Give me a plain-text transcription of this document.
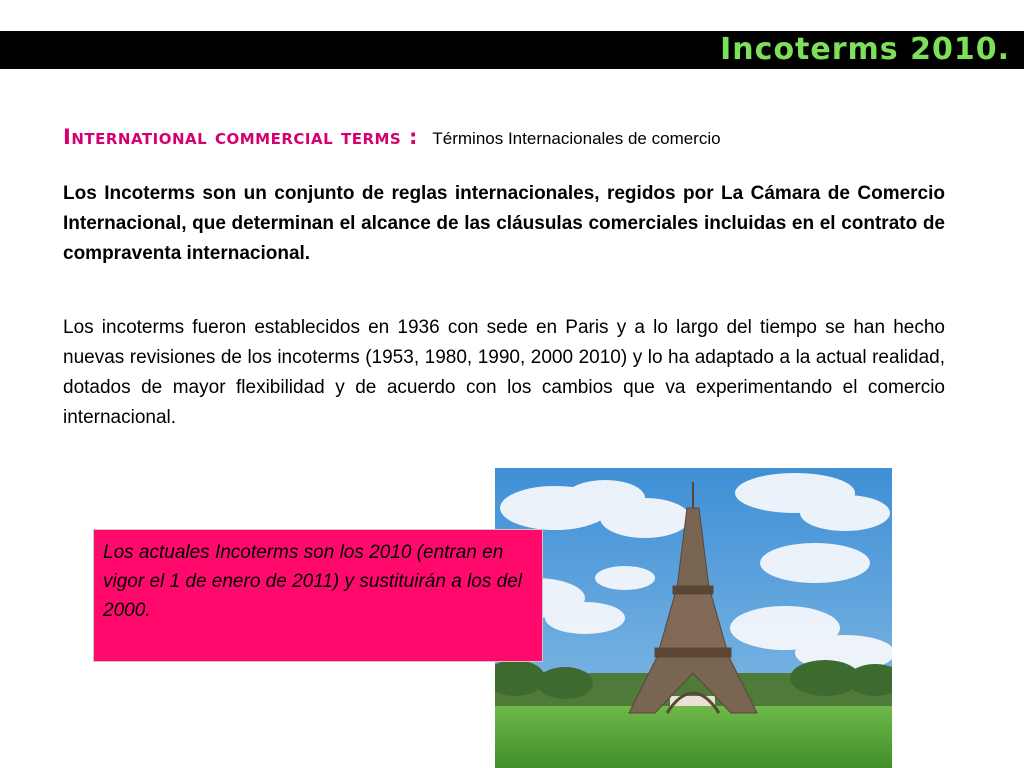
Incoterms 2010.
International commercial terms : Términos Internacionales de comercio
Los Incoterms son un conjunto de reglas internacionales, regidos por La Cámara de Comercio Internacional, que determinan el alcance de las cláusulas comerciales incluidas en el contrato de compraventa internacional.
Los incoterms fueron establecidos en 1936 con sede en Paris y a lo largo del tiempo se han hecho nuevas revisiones de los incoterms (1953, 1980, 1990, 2000 2010) y lo ha adaptado a la actual realidad, dotados de mayor flexibilidad y de acuerdo con los cambios que va experimentando el comercio internacional.
Los actuales Incoterms son los 2010 (entran en vigor el 1 de enero de 2011) y sustituirán a los del 2000.
